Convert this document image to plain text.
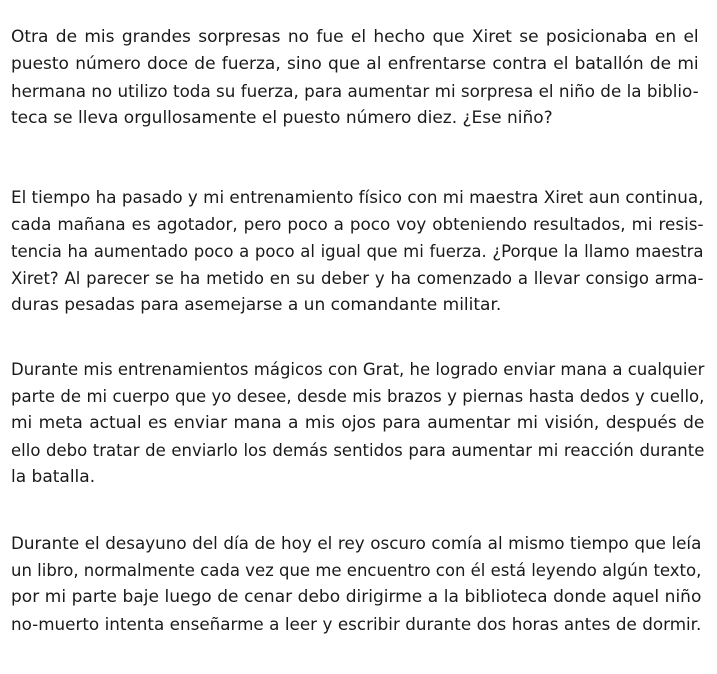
Otra de mis grandes sorpresas no fue el hecho que Xiret se posicionaba en el
puesto número doce de fuerza, sino que al enfrentarse contra el batallón de mi
hermana no utilizo toda su fuerza, para aumentar mi sorpresa el niño de la biblio-
teca se lleva orgullosamente el puesto número diez. ¿Ese niño?
El tiempo ha pasado y mi entrenamiento físico con mi maestra Xiret aun continua,
cada mañana es agotador, pero poco a poco voy obteniendo resultados, mi resis-
tencia ha aumentado poco a poco al igual que mi fuerza. ¿Porque la llamo maestra
Xiret? Al parecer se ha metido en su deber y ha comenzado a llevar consigo arma-
duras pesadas para asemejarse a un comandante militar.
Durante mis entrenamientos mágicos con Grat, he logrado enviar mana a cualquier
parte de mi cuerpo que yo desee, desde mis brazos y piernas hasta dedos y cuello,
mi meta actual es enviar mana a mis ojos para aumentar mi visión, después de
ello debo tratar de enviarlo los demás sentidos para aumentar mi reacción durante
la batalla.
Durante el desayuno del día de hoy el rey oscuro comía al mismo tiempo que leía
un libro, normalmente cada vez que me encuentro con él está leyendo algún texto,
por mi parte baje luego de cenar debo dirigirme a la biblioteca donde aquel niño
no-muerto intenta enseñarme a leer y escribir durante dos horas antes de dormir.
